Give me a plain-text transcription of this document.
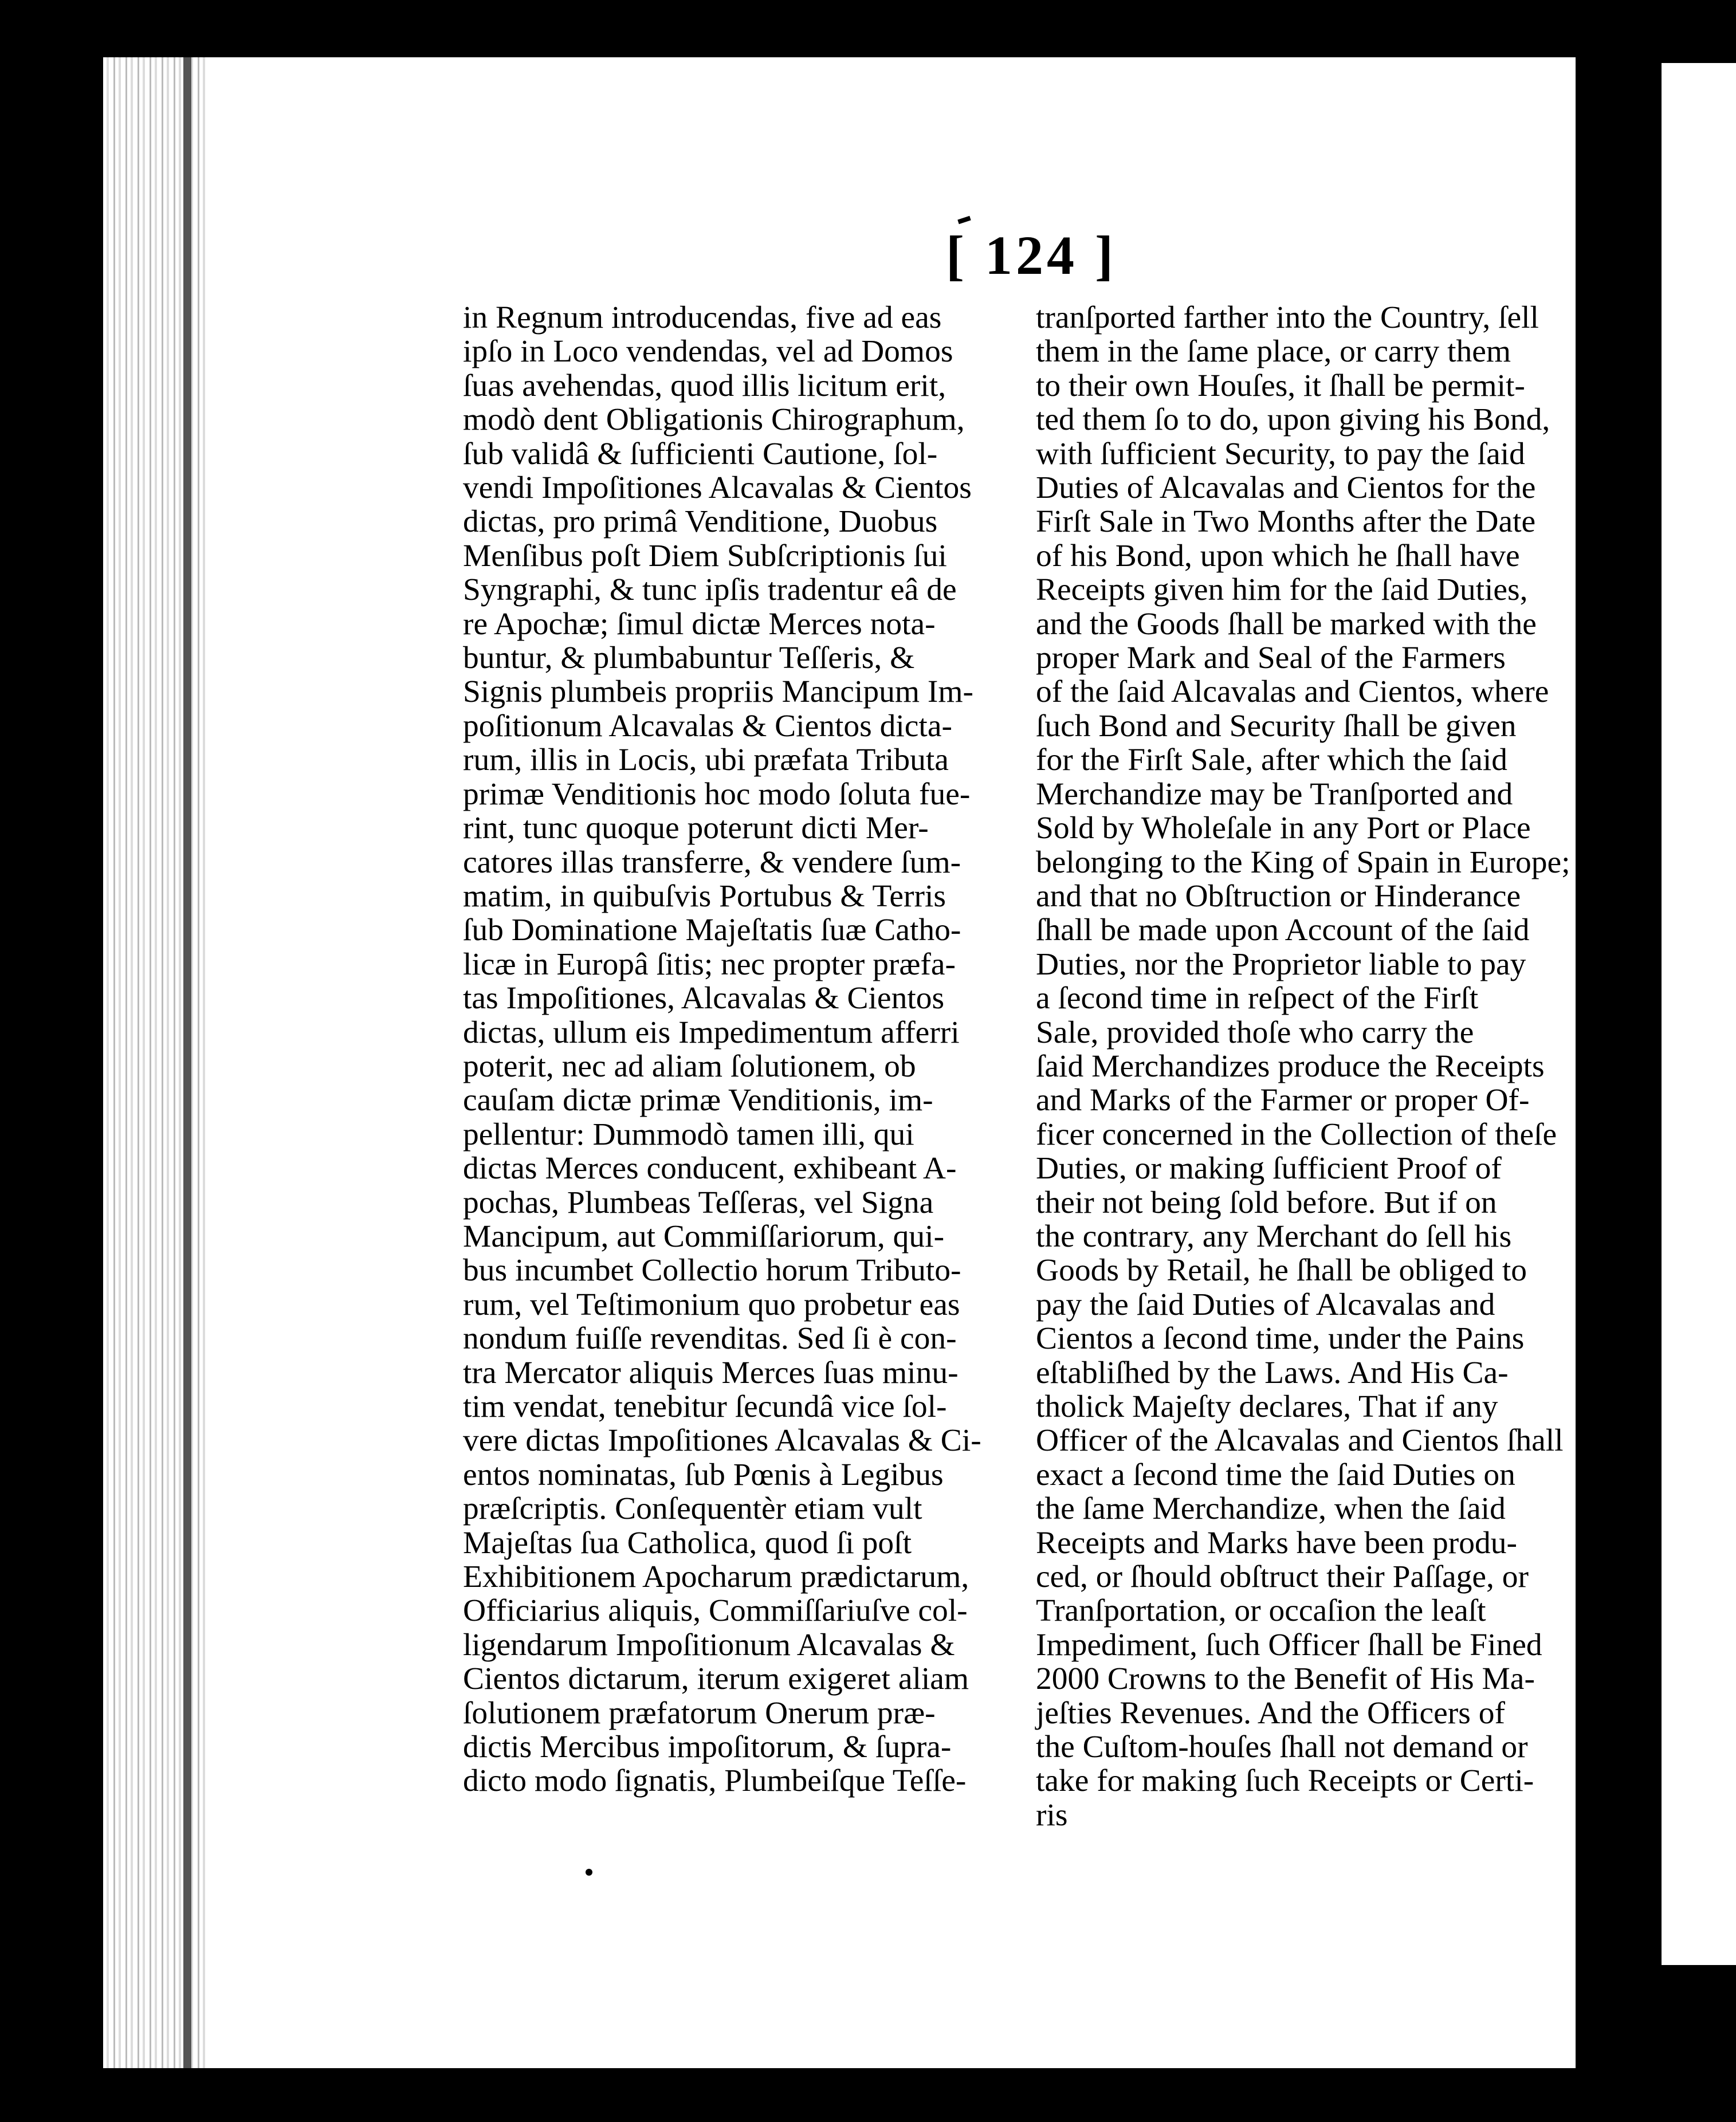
[ 124 ]
in Regnum introducendas, five ad eas
ipſo in Loco vendendas, vel ad Domos
ſuas avehendas, quod illis licitum erit,
modò dent Obligationis Chirographum,
ſub validâ & ſufficienti Cautione, ſol-
vendi Impoſitiones Alcavalas & Cientos
dictas, pro primâ Venditione, Duobus
Menſibus poſt Diem Subſcriptionis ſui
Syngraphi, & tunc ipſis tradentur eâ de
re Apochæ; ſimul dictæ Merces nota-
buntur, & plumbabuntur Teſſeris, &
Signis plumbeis propriis Mancipum Im-
poſitionum Alcavalas & Cientos dicta-
rum, illis in Locis, ubi præfata Tributa
primæ Venditionis hoc modo ſoluta fue-
rint, tunc quoque poterunt dicti Mer-
catores illas transferre, & vendere ſum-
matim, in quibuſvis Portubus & Terris
ſub Dominatione Majeſtatis ſuæ Catho-
licæ in Europâ ſitis; nec propter præfa-
tas Impoſitiones, Alcavalas & Cientos
dictas, ullum eis Impedimentum afferri
poterit, nec ad aliam ſolutionem, ob
cauſam dictæ primæ Venditionis, im-
pellentur: Dummodò tamen illi, qui
dictas Merces conducent, exhibeant A-
pochas, Plumbeas Teſſeras, vel Signa
Mancipum, aut Commiſſariorum, qui-
bus incumbet Collectio horum Tributo-
rum, vel Teſtimonium quo probetur eas
nondum fuiſſe revenditas. Sed ſi è con-
tra Mercator aliquis Merces ſuas minu-
tim vendat, tenebitur ſecundâ vice ſol-
vere dictas Impoſitiones Alcavalas & Ci-
entos nominatas, ſub Pœnis à Legibus
præſcriptis. Conſequentèr etiam vult
Majeſtas ſua Catholica, quod ſi poſt
Exhibitionem Apocharum prædictarum,
Officiarius aliquis, Commiſſariuſve col-
ligendarum Impoſitionum Alcavalas &
Cientos dictarum, iterum exigeret aliam
ſolutionem præfatorum Onerum præ-
dictis Mercibus impoſitorum, & ſupra-
dicto modo ſignatis, Plumbeiſque Teſſe-
tranſported farther into the Country, ſell
them in the ſame place, or carry them
to their own Houſes, it ſhall be permit-
ted them ſo to do, upon giving his Bond,
with ſufficient Security, to pay the ſaid
Duties of Alcavalas and Cientos for the
Firſt Sale in Two Months after the Date
of his Bond, upon which he ſhall have
Receipts given him for the ſaid Duties,
and the Goods ſhall be marked with the
proper Mark and Seal of the Farmers
of the ſaid Alcavalas and Cientos, where
ſuch Bond and Security ſhall be given
for the Firſt Sale, after which the ſaid
Merchandize may be Tranſported and
Sold by Wholeſale in any Port or Place
belonging to the King of Spain in Europe;
and that no Obſtruction or Hinderance
ſhall be made upon Account of the ſaid
Duties, nor the Proprietor liable to pay
a ſecond time in reſpect of the Firſt
Sale, provided thoſe who carry the
ſaid Merchandizes produce the Receipts
and Marks of the Farmer or proper Of-
ficer concerned in the Collection of theſe
Duties, or making ſufficient Proof of
their not being ſold before. But if on
the contrary, any Merchant do ſell his
Goods by Retail, he ſhall be obliged to
pay the ſaid Duties of Alcavalas and
Cientos a ſecond time, under the Pains
eſtabliſhed by the Laws. And His Ca-
tholick Majeſty declares, That if any
Officer of the Alcavalas and Cientos ſhall
exact a ſecond time the ſaid Duties on
the ſame Merchandize, when the ſaid
Receipts and Marks have been produ-
ced, or ſhould obſtruct their Paſſage, or
Tranſportation, or occaſion the leaſt
Impediment, ſuch Officer ſhall be Fined
2000 Crowns to the Benefit of His Ma-
jeſties Revenues. And the Officers of
the Cuſtom-houſes ſhall not demand or
take for making ſuch Receipts or Certi-
ris
